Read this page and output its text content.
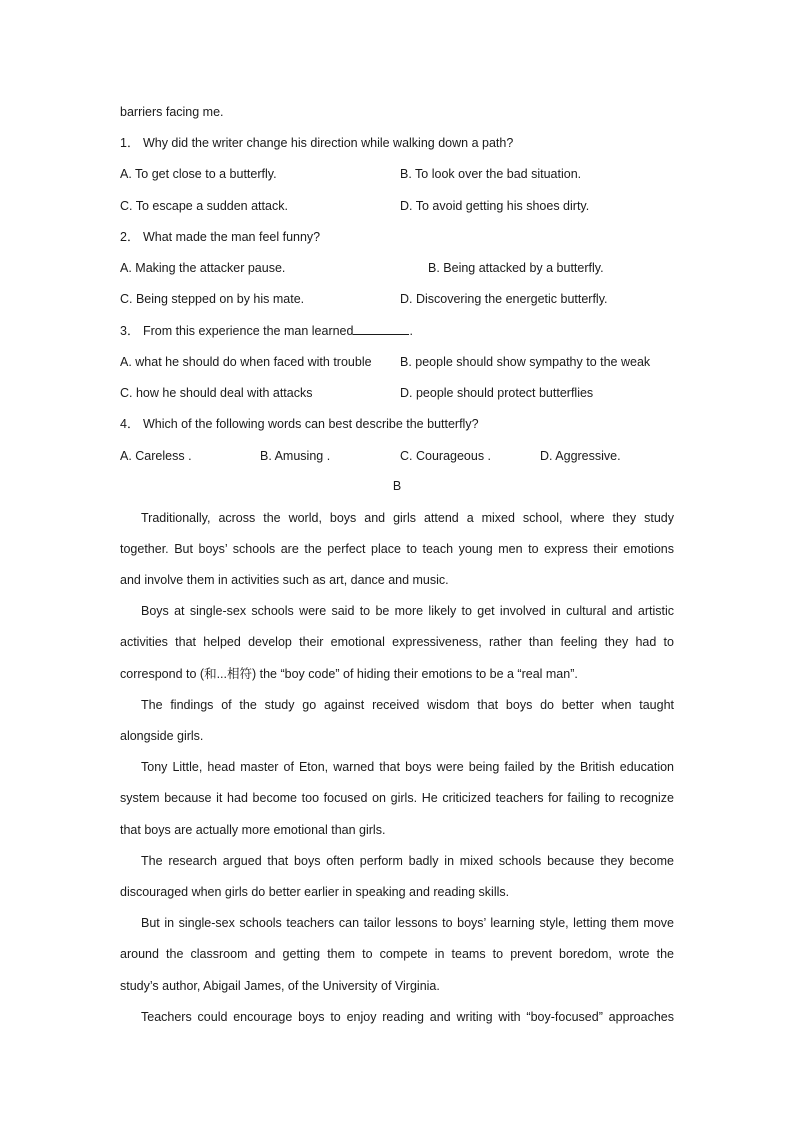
barriers facing me.
1． Why did the writer change his direction while walking down a path?
A. To get close to a butterfly.	B. To look over the bad situation.
C. To escape a sudden attack.	D. To avoid getting his shoes dirty.
2． What made the man feel funny?
A. Making the attacker pause.	B. Being attacked by a butterfly.
C. Being stepped on by his mate.	D. Discovering the energetic butterfly.
3． From this experience the man learned	.
A. what he should do when faced with trouble B. people should show sympathy to the weak
C. how he should deal with attacks	D. people should protect butterflies
4． Which of the following words can best describe the butterfly?
A. Careless .	B. Amusing .	C. Courageous .	D. Aggressive.
B
Traditionally, across the world, boys and girls attend a mixed school, where they study
together. But boys’ schools are the perfect place to teach young men to express their emotions
and involve them in activities such as art, dance and music.
Boys at single-sex schools were said to be more likely to get involved in cultural and artistic
activities that helped develop their emotional expressiveness, rather than feeling they had to
correspond to (和...相符) the “boy code” of hiding their emotions to be a “real man”.
The findings of the study go against received wisdom that boys do better when taught
alongside girls.
Tony Little, head master of Eton, warned that boys were being failed by the British education
system because it had become too focused on girls. He criticized teachers for failing to recognize
that boys are actually more emotional than girls.
The research argued that boys often perform badly in mixed schools because they become
discouraged when girls do better earlier in speaking and reading skills.
But in single-sex schools teachers can tailor lessons to boys’ learning style, letting them move
around the classroom and getting them to compete in teams to prevent boredom, wrote the
study’s author, Abigail James, of the University of Virginia.
Teachers could encourage boys to enjoy reading and writing with “boy-focused” approaches
